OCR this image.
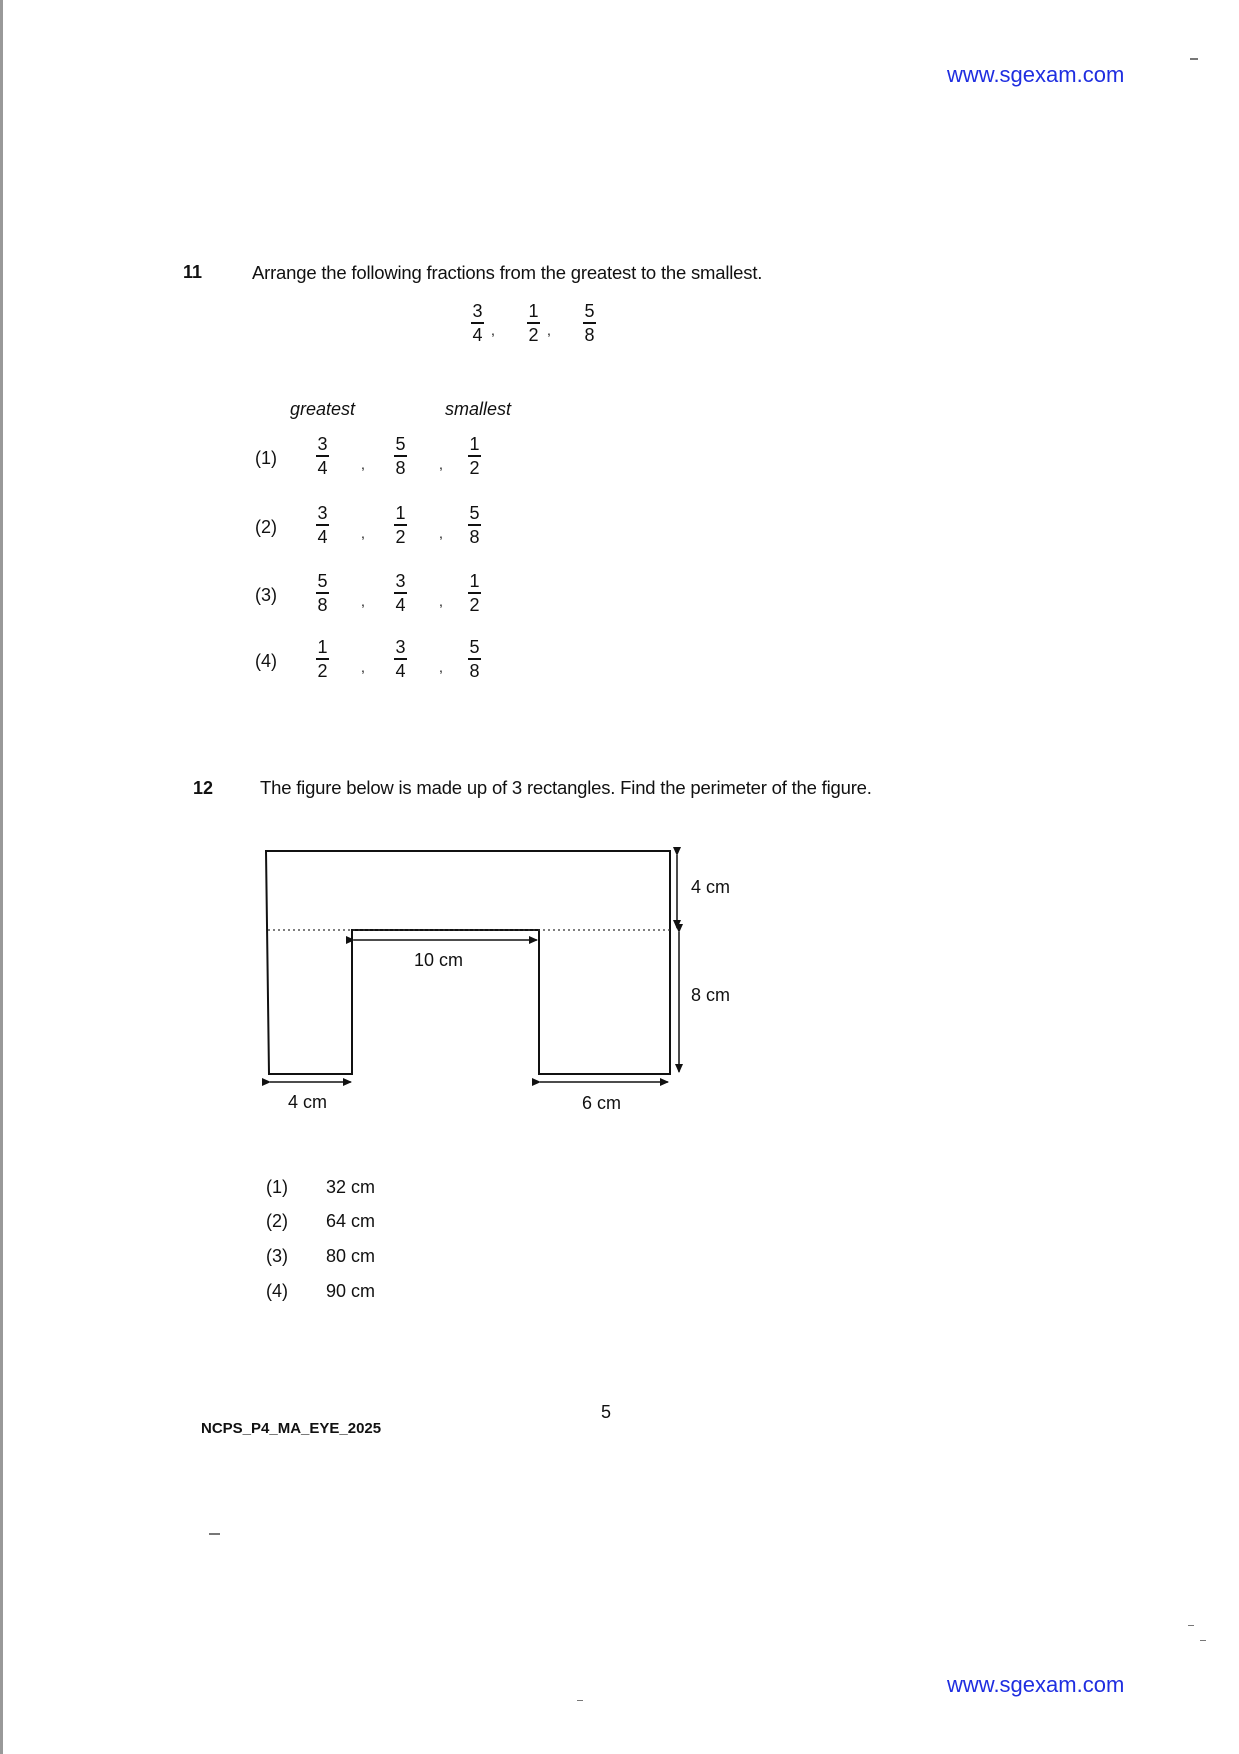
www.sgexam.com
11	Arrange the following fractions from the greatest to the smallest.
3
4 ,
1
2 ,
5
8
greatest	smallest
(1)
3
4 ,
5
8 ,
1
2
(2)
3
4 ,
1
2 ,
5
8
(3)
5
8 ,
3
4 ,
1
2
(4)
1
2 ,
3
4 ,
5
8
12	The figure below is made up of 3 rectangles. Find the perimeter of the figure.
4 cm
8 cm
10 cm
4 cm	6 cm
(1) 32 cm
(2) 64 cm
(3) 80 cm
(4) 90 cm
5
NCPS_P4_MA_EYE_2025
www.sgexam.com
